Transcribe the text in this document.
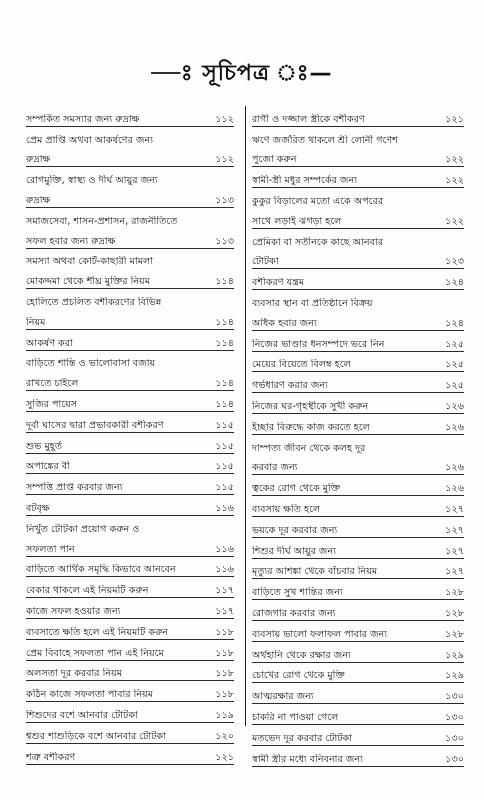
—ঃ সূচিপত্র ঃ—
সম্পর্কিত সমস্যার জন্য রুদ্রাক্ষ	১১২
প্রেম প্রাপ্তি অথবা আকর্ষণের জন্য
রুদ্রাক্ষ	১১২
রোগমুক্তি, স্বাস্থ্য ও দীর্ঘ আয়ুর জন্য
রুদ্রাক্ষ	১১৩
সমাজসেবা, শাসন-প্রশাসন, রাজনীতিতে
সফল হবার জন্য রুদ্রাক্ষ	১১৩
সমস্যা অথবা কোর্ট-কাছারী মামলা
মোকদ্দমা থেকে শীঘ্র মুক্তির নিয়ম	১১৪
হোলিতে প্রচলিত বশীকরণের বিভিন্ন
নিয়ম	১১৪
আকর্ষণ করা	১১৪
বাড়িতে শান্তি ও ভালোবাসা বজায়
রাখতে চাইলে	১১৪
সুজির পায়েস	১১৪
দূর্বা ঘাসের দ্বারা প্রভাবকারী বশীকরণ	১১৫
শুভ মুহূর্ত	১১৫
অপাঙ্কের বী	১১৫
সম্পত্তি প্রাপ্ত করবার জন্য	১১৫
বটবৃক্ষ	১১৬
নিখুঁত টোটকা প্রয়োগ করুন ও
সফলতা পান	১১৬
বাড়িতে আর্থিক সমৃদ্ধি কিভাবে আনবেন	১১৬
বেকার থাকলে এই নিয়মটি করুন	১১৭
কাজে সফল হওয়ার জন্য	১১৭
ব্যবসাতে ক্ষতি হলে এই নিয়মটি করুন	১১৮
প্রেম বিবাহে সফলতা পান এই নিয়মে	১১৮
অলসতা দূর করবার নিয়ম	১১৮
কঠিন কাজে সফলতা পাবার নিয়ম	১১৮
শিশুদের বশে আনবার টোটকা	১১৯
শ্বশুর শাশুড়িকে বশে আনবার টোটকা	১২০
শত্রু বশীকরণ	১২১
রাগী ও দজ্জাল স্ত্রীকে বশীকরণ	১২১
ঋণে জর্জরিত থাকলে শ্রী লোনী গণেশ
পুজো করুন	১২২
স্বামী-স্ত্রী মধুর সম্পর্কের জন্য	১২২
কুকুর বিড়ালের মতো একে অপরের
সাথে লড়াই ঝগড়া হলে	১২২
প্রেমিকা বা সতীনকে কাছে আনবার
টোটকা	১২৩
বশীকরণ যন্ত্রম	১২৪
ব্যবসার স্থান বা প্রতিষ্ঠানে বিক্রয়
অধিক হবার জন্য	১২৪
নিজের ভাণ্ডার ধনসম্পদে ভরে নিন	১২৫
মেয়ের বিয়েতে বিলম্ব হলে	১২৫
গর্ভধারণ করার জন্য	১২৫
নিজের ঘর-গৃহস্থীকে সুখী করুন	১২৬
ইচ্ছার বিরুদ্ধে কাজ করতে হলে	১২৬
দাম্পত্য জীবন থেকে কলহ দূর
করবার জন্য	১২৬
ত্বকের রোগ থেকে মুক্তি	১২৬
ব্যবসায় ক্ষতি হলে	১২৭
ভয়কে দূর করবার জন্য	১২৭
শিশুর দীর্ঘ আয়ুর জন্য	১২৭
মৃত্যুর আশঙ্কা থেকে বাঁচবার নিয়ম	১২৭
বাড়িতে সুখ শান্তির জন্য	১২৮
রোজগার করবার জন্য	১২৮
ব্যবসায় ভালো ফলাফল পাবার জন্য	১২৮
অর্থহানি থেকে রক্ষার জন্য	১২৯
চোখের রোগ থেকে মুক্তি	১২৯
আত্মরক্ষার জন্য	১৩০
চাকরি না পাওয়া গেলে	১৩০
মতভেদ দূর করবার টোটকা	১৩০
স্বামী স্ত্রীর মধ্যে বনিবনার জন্য	১৩০
